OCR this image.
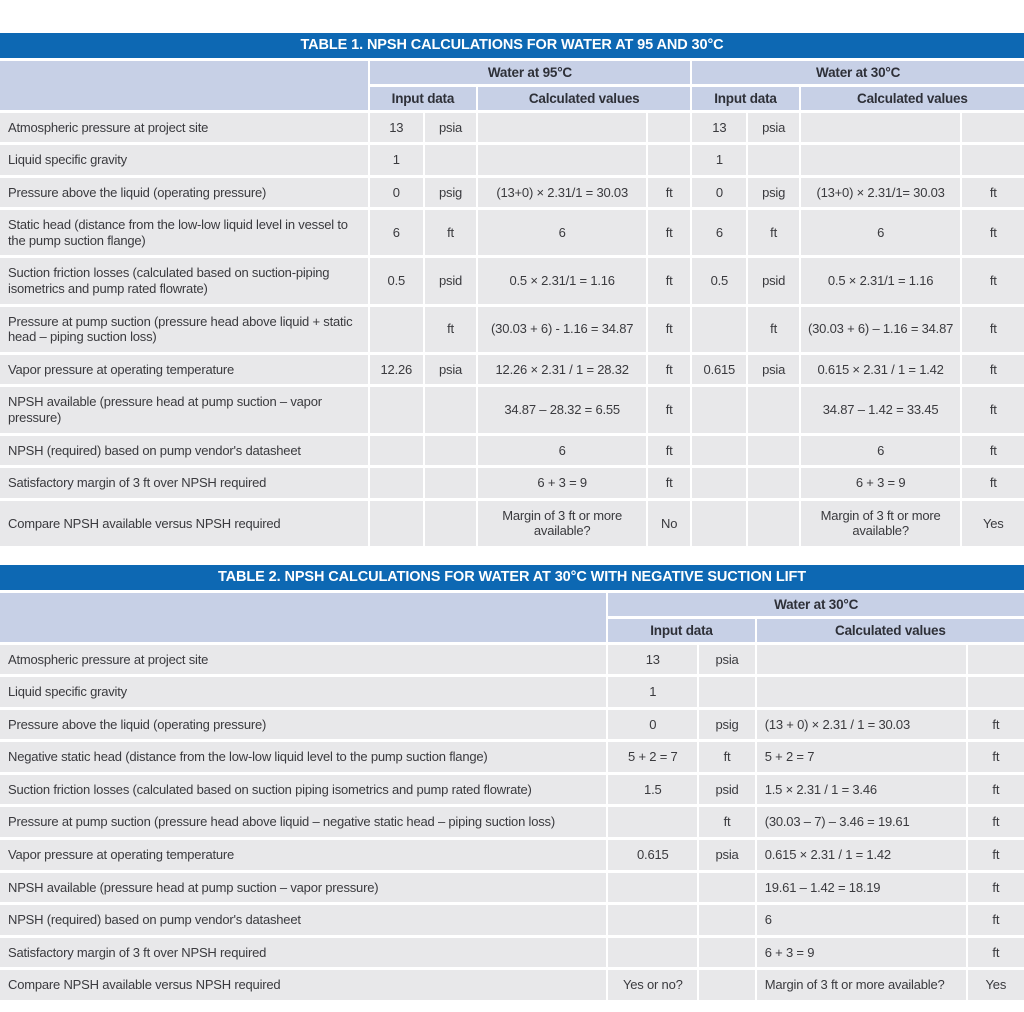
TABLE 1. NPSH CALCULATIONS FOR WATER AT 95 AND 30°C								
	Water at 95°C				Water at 30°C			
	Input data		Calculated values		Input data		Calculated values	
Atmospheric pressure at project site	13	psia			13	psia		
Liquid specific gravity	1				1			
Pressure above the liquid (operating pressure)	0	psig	(13+0) × 2.31/1 = 30.03	ft	0	psig	(13+0) × 2.31/1= 30.03	ft
Static head (distance from the low-low liquid level in vessel to the pump suction flange)	6	ft	6	ft	6	ft	6	ft
Suction friction losses (calculated based on suction-piping isometrics and pump rated flowrate)	0.5	psid	0.5 × 2.31/1 = 1.16	ft	0.5	psid	0.5 × 2.31/1 = 1.16	ft
Pressure at pump suction (pressure head above liquid + static head – piping suction loss)		ft	(30.03 + 6) - 1.16 = 34.87	ft		ft	(30.03 + 6) – 1.16 = 34.87	ft
Vapor pressure at operating temperature	12.26	psia	12.26 × 2.31 / 1 = 28.32	ft	0.615	psia	0.615 × 2.31 / 1 = 1.42	ft
NPSH available (pressure head at pump suction – vapor pressure)			34.87 – 28.32 = 6.55	ft			34.87 – 1.42 = 33.45	ft
NPSH (required) based on pump vendor's datasheet			6	ft			6	ft
Satisfactory margin of 3 ft over NPSH required			6 + 3 = 9	ft			6 + 3 = 9	ft
Compare NPSH available versus NPSH required			Margin of 3 ft or more available?	No			Margin of 3 ft or more available?	Yes
TABLE 2. NPSH CALCULATIONS FOR WATER AT 30°C WITH NEGATIVE SUCTION LIFT				
	Water at 30°C			
	Input data		Calculated values	
Atmospheric pressure at project site	13	psia		
Liquid specific gravity	1			
Pressure above the liquid (operating pressure)	0	psig	(13 + 0) × 2.31 / 1 = 30.03	ft
Negative static head (distance from the low-low liquid level to the pump suction flange)	5 + 2 = 7	ft	5 + 2 = 7	ft
Suction friction losses (calculated based on suction piping isometrics and pump rated flowrate)	1.5	psid	1.5 × 2.31 / 1 = 3.46	ft
Pressure at pump suction (pressure head above liquid – negative static head – piping suction loss)		ft	(30.03 – 7) – 3.46 = 19.61	ft
Vapor pressure at operating temperature	0.615	psia	0.615 × 2.31 / 1 = 1.42	ft
NPSH available (pressure head at pump suction – vapor pressure)			19.61 – 1.42 = 18.19	ft
NPSH (required) based on pump vendor's datasheet			6	ft
Satisfactory margin of 3 ft over NPSH required			6 + 3 = 9	ft
Compare NPSH available versus NPSH required	Yes or no?		Margin of 3 ft or more available?	Yes
